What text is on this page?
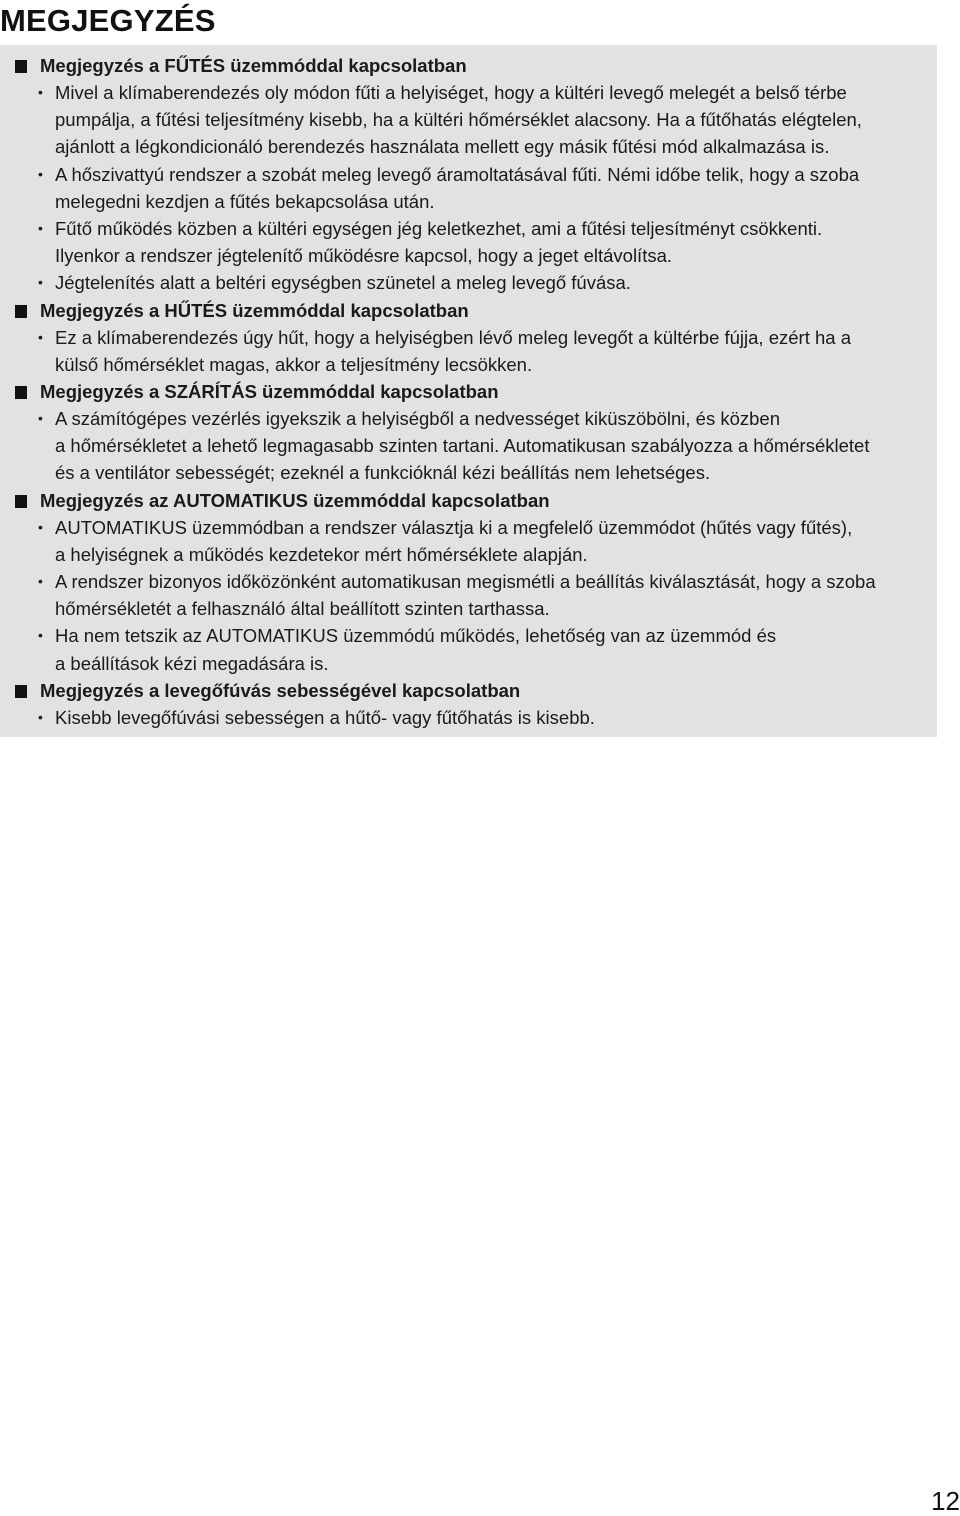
MEGJEGYZÉS
Megjegyzés a FŰTÉS üzemmóddal kapcsolatban
• Mivel a klímaberendezés oly módon fűti a helyiséget, hogy a kültéri levegő melegét a belső térbe
pumpálja, a fűtési teljesítmény kisebb, ha a kültéri hőmérséklet alacsony. Ha a fűtőhatás elégtelen,
ajánlott a légkondicionáló berendezés használata mellett egy másik fűtési mód alkalmazása is.
• A hőszivattyú rendszer a szobát meleg levegő áramoltatásával fűti. Némi időbe telik, hogy a szoba
melegedni kezdjen a fűtés bekapcsolása után.
• Fűtő működés közben a kültéri egységen jég keletkezhet, ami a fűtési teljesítményt csökkenti.
Ilyenkor a rendszer jégtelenítő működésre kapcsol, hogy a jeget eltávolítsa.
• Jégtelenítés alatt a beltéri egységben szünetel a meleg levegő fúvása.
Megjegyzés a HŰTÉS üzemmóddal kapcsolatban
• Ez a klímaberendezés úgy hűt, hogy a helyiségben lévő meleg levegőt a kültérbe fújja, ezért ha a
külső hőmérséklet magas, akkor a teljesítmény lecsökken.
Megjegyzés a SZÁRÍTÁS üzemmóddal kapcsolatban
• A számítógépes vezérlés igyekszik a helyiségből a nedvességet kiküszöbölni, és közben
a hőmérsékletet a lehető legmagasabb szinten tartani. Automatikusan szabályozza a hőmérsékletet
és a ventilátor sebességét; ezeknél a funkcióknál kézi beállítás nem lehetséges.
Megjegyzés az AUTOMATIKUS üzemmóddal kapcsolatban
• AUTOMATIKUS üzemmódban a rendszer választja ki a megfelelő üzemmódot (hűtés vagy fűtés),
a helyiségnek a működés kezdetekor mért hőmérséklete alapján.
• A rendszer bizonyos időközönként automatikusan megismétli a beállítás kiválasztását, hogy a szoba
hőmérsékletét a felhasználó által beállított szinten tarthassa.
• Ha nem tetszik az AUTOMATIKUS üzemmódú működés, lehetőség van az üzemmód és
a beállítások kézi megadására is.
Megjegyzés a levegőfúvás sebességével kapcsolatban
• Kisebb levegőfúvási sebességen a hűtő- vagy fűtőhatás is kisebb.
12
